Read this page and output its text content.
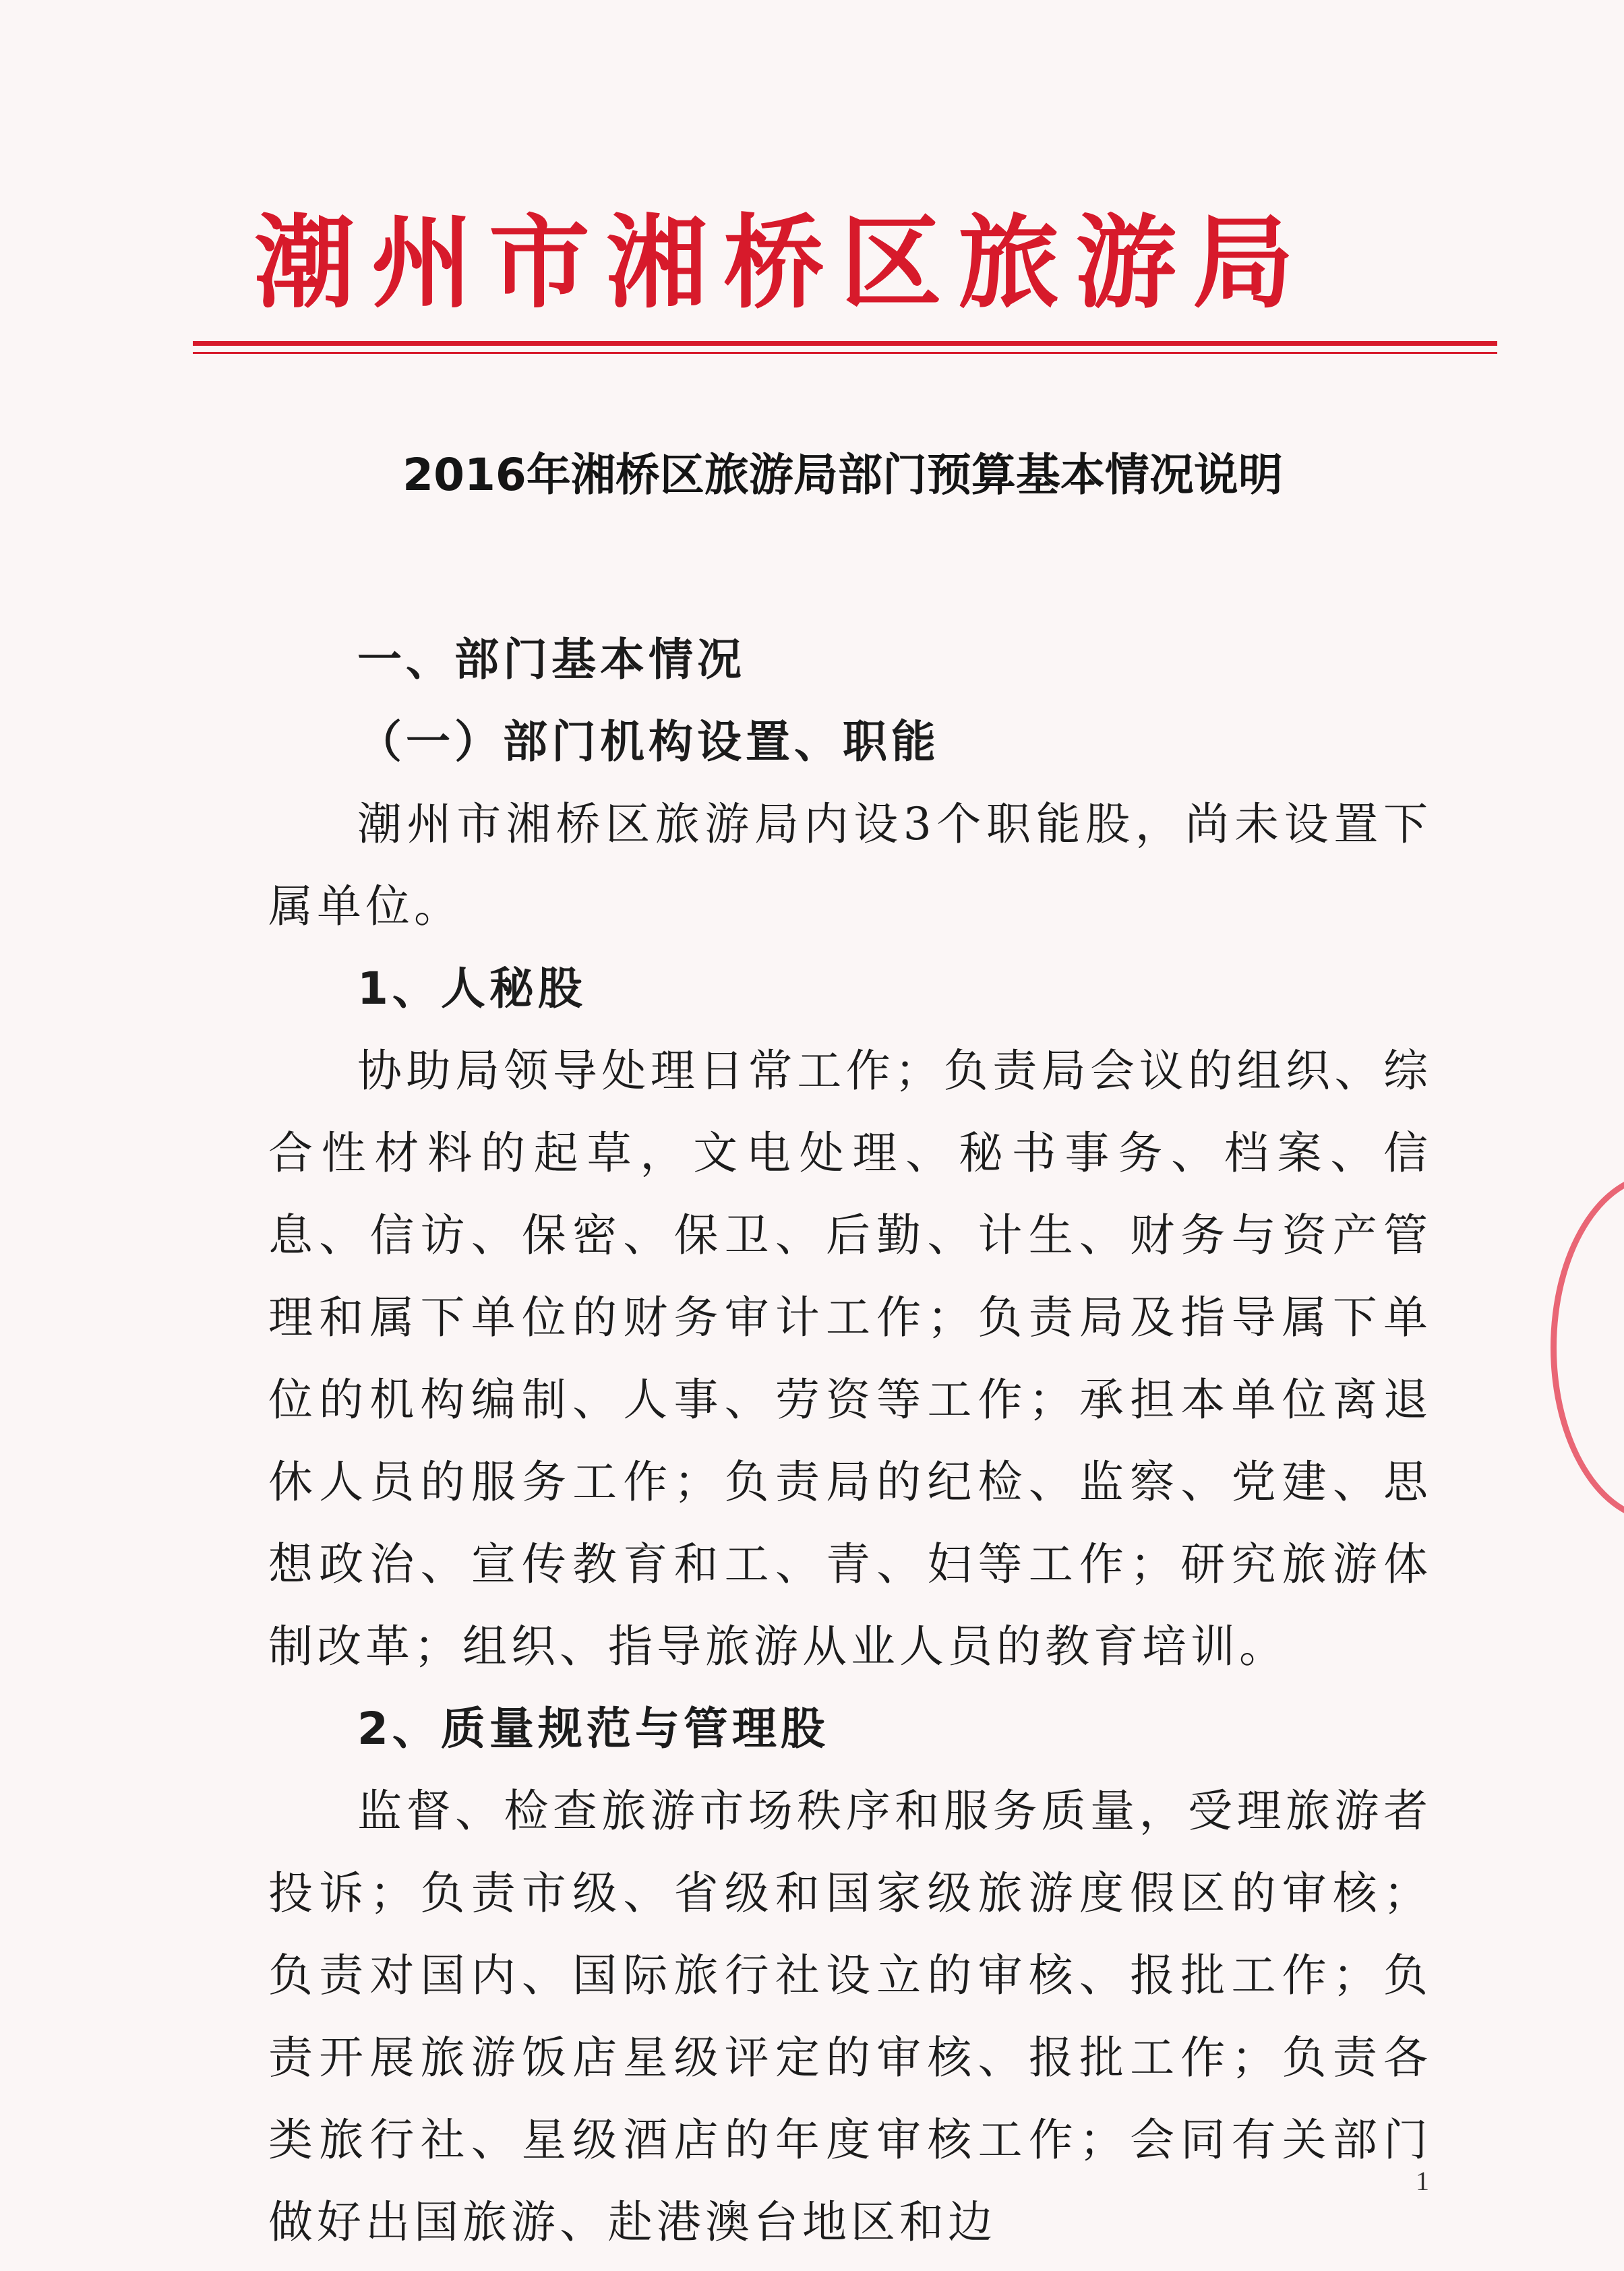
潮州市湘桥区旅游局
2016年湘桥区旅游局部门预算基本情况说明

一、部门基本情况

（一）部门机构设置、职能

潮州市湘桥区旅游局内设3个职能股，尚未设置下属单位。

1、人秘股

协助局领导处理日常工作；负责局会议的组织、综合性材料的起草，文电处理、秘书事务、档案、信息、信访、保密、保卫、后勤、计生、财务与资产管理和属下单位的财务审计工作；负责局及指导属下单位的机构编制、人事、劳资等工作；承担本单位离退休人员的服务工作；负责局的纪检、监察、党建、思想政治、宣传教育和工、青、妇等工作；研究旅游体制改革；组织、指导旅游从业人员的教育培训。

2、质量规范与管理股

监督、检查旅游市场秩序和服务质量，受理旅游者投诉；负责市级、省级和国家级旅游度假区的审核；负责对国内、国际旅行社设立的审核、报批工作；负责开展旅游饭店星级评定的审核、报批工作；负责各类旅行社、星级酒店的年度审核工作；会同有关部门做好出国旅游、赴港澳台地区和边

1
